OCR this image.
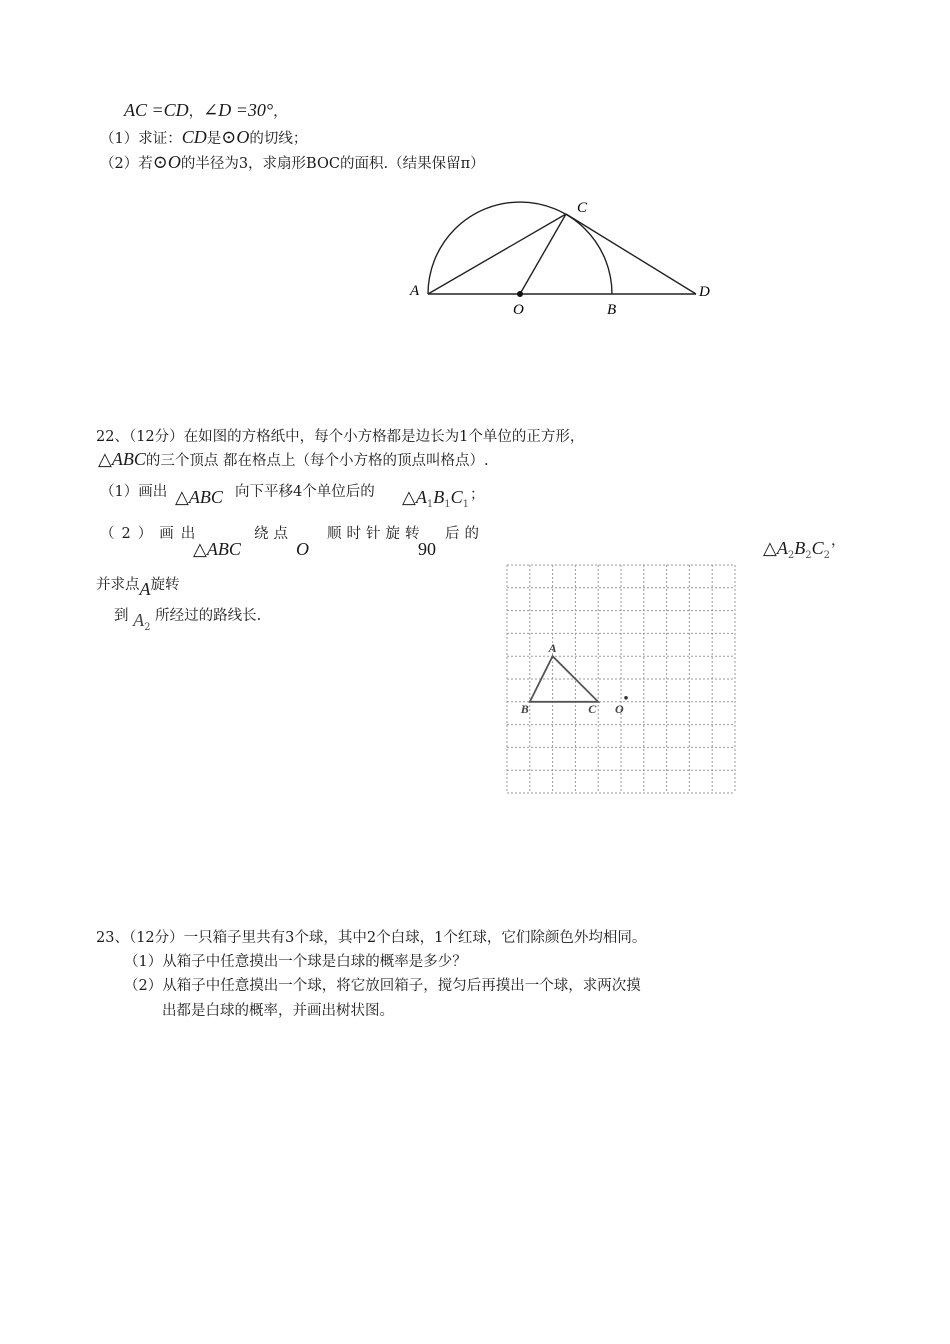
AC =CD，∠D =30°，
（1）求证：CD是⊙O的切线；
（2）若⊙O的半径为3，求扇形BOC的面积.（结果保留π）
A
O	B
C
D
22、（12分）在如图的方格纸中，每个小方格都是边长为1个单位的正方形，
△ABC的三个顶点 都在格点上（每个小方格的顶点叫格点）.
（1）画出 △ABC 向下平移4个单位后的 $\triangle A_1B_1C_1$
；
（2）画出
△ABC
绕点
O
顺时针旋转
90
后的
$\triangle A_2B_2C_2$
，
并求点A旋转
到 $A_2$ 所经过的路线长.
A
B	C O
23、（12分）一只箱子里共有3个球，其中2个白球，1个红球，它们除颜色外均相同。
（1）从箱子中任意摸出一个球是白球的概率是多少？
（2）从箱子中任意摸出一个球，将它放回箱子，搅匀后再摸出一个球，求两次摸
出都是白球的概率，并画出树状图。
